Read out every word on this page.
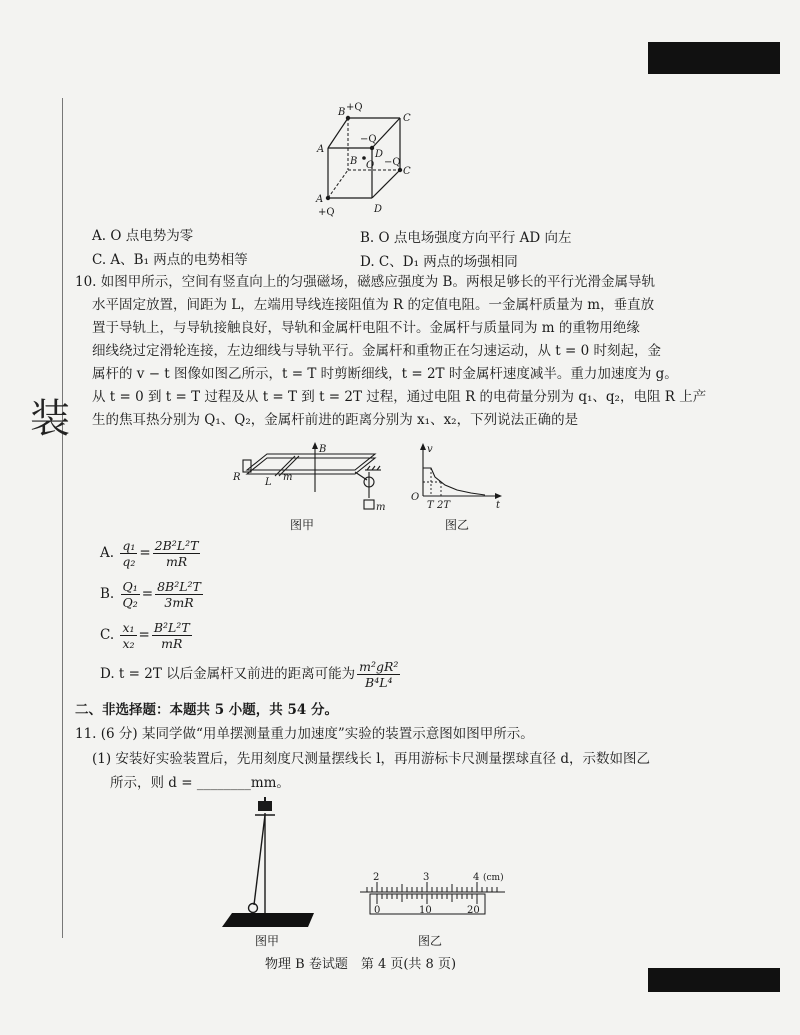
装
B +Q
C
−Q
A	D
B O −Q
C
A
+Q	D
A. O 点电势为零	B. O 点电场强度方向平行 AD 向左
C. A、B₁ 两点的电势相等	D. C、D₁ 两点的场强相同
10. 如图甲所示，空间有竖直向上的匀强磁场，磁感应强度为 B。两根足够长的平行光滑金属导轨
水平固定放置，间距为 L，左端用导线连接阻值为 R 的定值电阻。一金属杆质量为 m，垂直放
置于导轨上，与导轨接触良好，导轨和金属杆电阻不计。金属杆与质量同为 m 的重物用绝缘
细线绕过定滑轮连接，左边细线与导轨平行。金属杆和重物正在匀速运动，从 t = 0 时刻起，金
属杆的 v − t 图像如图乙所示，t = T 时剪断细线，t = 2T 时金属杆速度减半。重力加速度为 g。
从 t = 0 到 t = T 过程及从 t = T 到 t = 2T 过程，通过电阻 R 的电荷量分别为 q₁、q₂，电阻 R 上产
生的焦耳热分别为 Q₁、Q₂，金属杆前进的距离分别为 x₁、x₂，下列说法正确的是
B
R L m
m
图甲
v
O
T 2T	t
图乙
A. $\frac{\text{q₁}}{\text{q₂}} = \frac{\text{2B²L²T}}{mR}$
B. $\frac{\text{Q₁}}{\text{Q₂}} = \frac{\text{8B²L²T}}{3mR}$
C. $\frac{\text{x₁}}{\text{x₂}} = \frac{\text{B²L²T}}{mR}$
D. t = 2T 以后金属杆又前进的距离可能为 $\frac{\text{m²gR²}}{\text{B⁴L⁴}}$
二、非选择题：本题共 5 小题，共 54 分。
11. (6 分) 某同学做“用单摆测量重力加速度”实验的装置示意图如图甲所示。
(1) 安装好实验装置后，先用刻度尺测量摆线长 l，再用游标卡尺测量摆球直径 d，示数如图乙
所示，则 d = ________mm。
图甲
2	3	4 (cm)
0	10	20
图乙
物理 B 卷试题　第 4 页(共 8 页)
